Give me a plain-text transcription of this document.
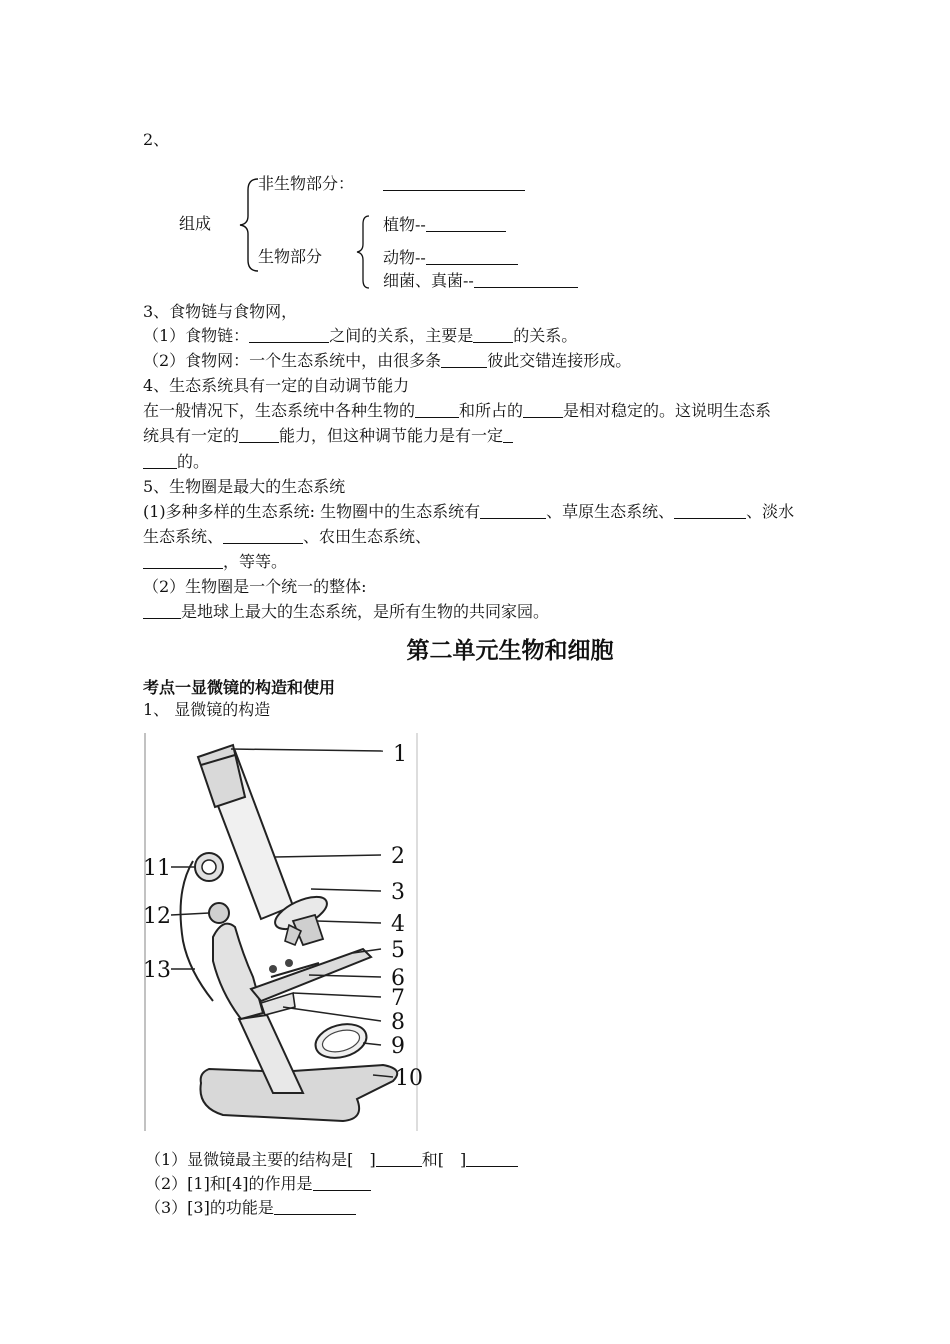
2、
组成
非生物部分：
生物部分
植物--
动物--
细菌、真菌--
3、食物链与食物网，
（1）食物链：	之间的关系，主要是	的关系。
（2）食物网：一个生态系统中，由很多条	彼此交错连接形成。
4、生态系统具有一定的自动调节能力
在一般情况下，生态系统中各种生物的	和所占的	是相对稳定的。这说明生态系
统具有一定的	能力，但这种调节能力是有一定
的。
5、生物圈是最大的生态系统
(1)多种多样的生态系统: 生物圈中的生态系统有	、草原生态系统、	、淡水
生态系统、	、农田生态系统、
，等等。
（2）生物圈是一个统一的整体:
是地球上最大的生态系统，是所有生物的共同家园。
第二单元生物和细胞
考点一显微镜的构造和使用
1、 显微镜的构造
1
2
3
4
5
6
7
8
9
10
11
12
13
（1）显微镜最主要的结构是[ ]	和[ ]
（2）[1]和[4]的作用是
（3）[3]的功能是
